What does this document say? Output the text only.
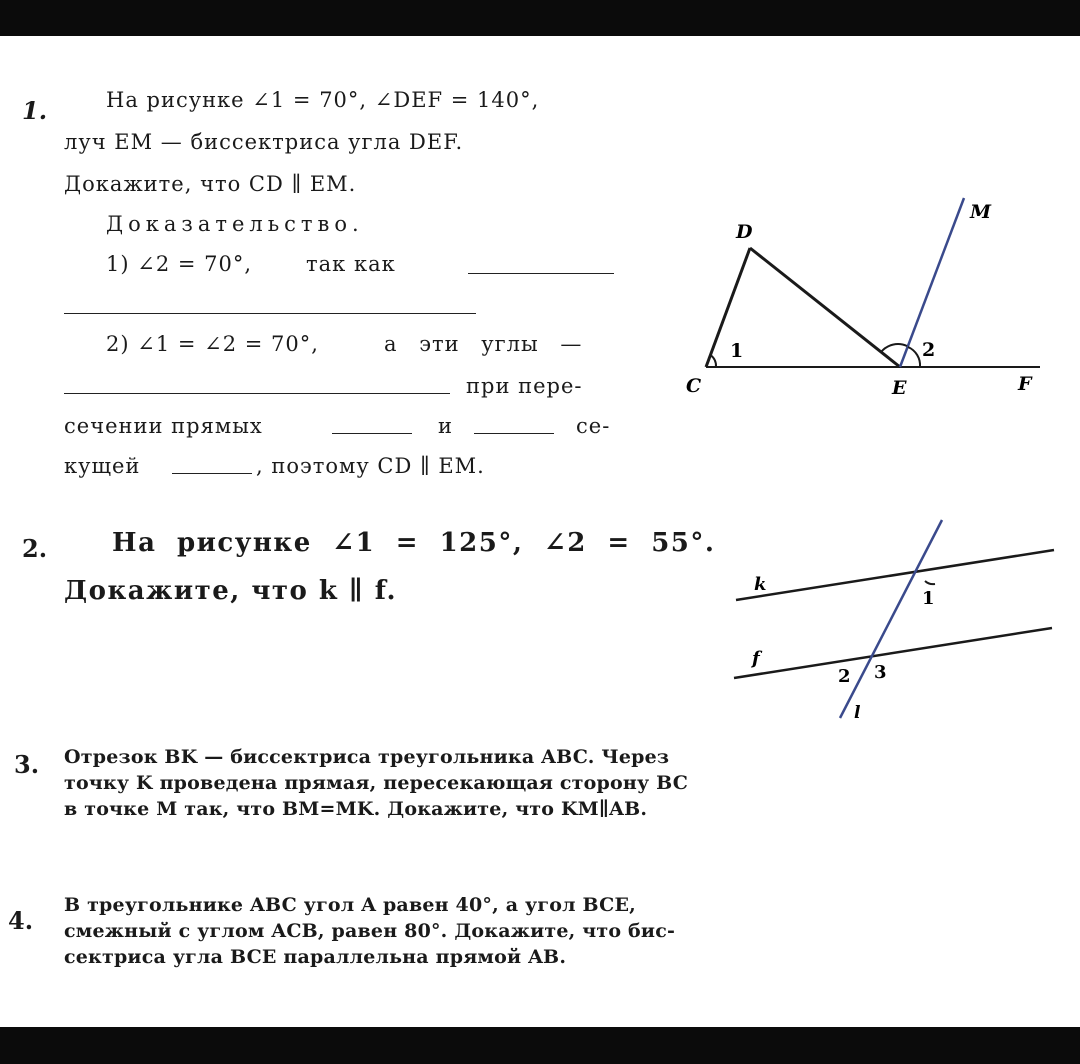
1.	На рисунке ∠1 = 70°, ∠DEF = 140°,
луч EM — биссектриса угла DEF.
Докажите, что CD ∥ EM.
Доказательство.
1) ∠2 = 70°,	так как
2) ∠1 = ∠2 = 70°,	а эти углы —
при пере-
сечении прямых	и	се-
кущей	, поэтому CD ∥ EM.
D
M
C	E	F
1	2
2. На рисунке ∠1 = 125°, ∠2 = 55°.
Докажите, что k ∥ f.	k
f
l
1
2 3
3. Отрезок BK — биссектриса треугольника ABC. Через
точку K проведена прямая, пересекающая сторону BC
в точке M так, что BM=MK. Докажите, что KM∥AB.
4.
В треугольнике ABC угол A равен 40°, а угол BCE,
смежный с углом ACB, равен 80°. Докажите, что бис-
сектриса угла BCE параллельна прямой AB.
